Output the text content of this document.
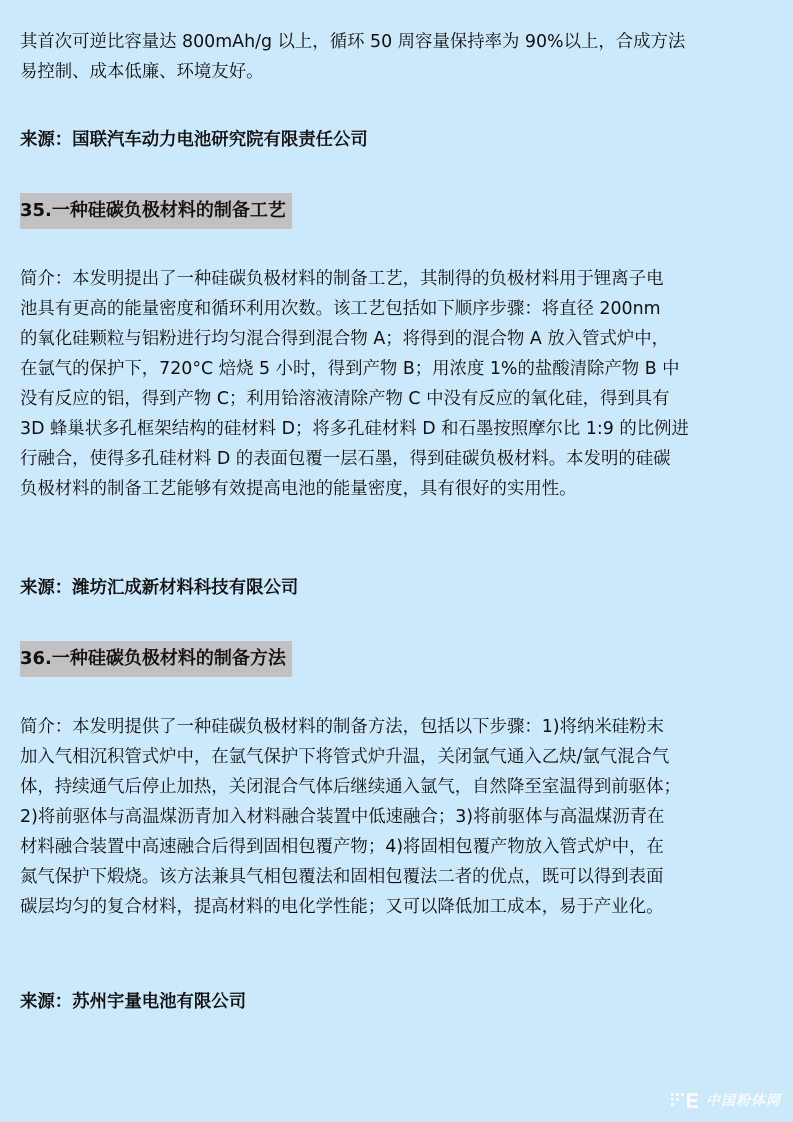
其首次可逆比容量达 800mAh/g 以上，循环 50 周容量保持率为 90%以上，合成方法

易控制、成本低廉、环境友好。

来源：国联汽车动力电池研究院有限责任公司

35.一种硅碳负极材料的制备工艺

简介：本发明提出了一种硅碳负极材料的制备工艺，其制得的负极材料用于锂离子电

池具有更高的能量密度和循环利用次数。该工艺包括如下顺序步骤：将直径 200nm

的氧化硅颗粒与铝粉进行均匀混合得到混合物 A；将得到的混合物 A 放入管式炉中，

在氩气的保护下，720°C 焙烧 5 小时，得到产物 B；用浓度 1%的盐酸清除产物 B 中

没有反应的铝，得到产物 C；利用铪溶液清除产物 C 中没有反应的氧化硅，得到具有

3D 蜂巢状多孔框架结构的硅材料 D；将多孔硅材料 D 和石墨按照摩尔比 1:9 的比例进

行融合，使得多孔硅材料 D 的表面包覆一层石墨，得到硅碳负极材料。本发明的硅碳

负极材料的制备工艺能够有效提高电池的能量密度，具有很好的实用性。

来源：潍坊汇成新材料科技有限公司

36.一种硅碳负极材料的制备方法

简介：本发明提供了一种硅碳负极材料的制备方法，包括以下步骤：1)将纳米硅粉末

加入气相沉积管式炉中，在氩气保护下将管式炉升温，关闭氩气通入乙炔/氩气混合气

体，持续通气后停止加热，关闭混合气体后继续通入氩气，自然降至室温得到前驱体；

2)将前驱体与高温煤沥青加入材料融合装置中低速融合；3)将前驱体与高温煤沥青在

材料融合装置中高速融合后得到固相包覆产物；4)将固相包覆产物放入管式炉中，在

氮气保护下煅烧。该方法兼具气相包覆法和固相包覆法二者的优点，既可以得到表面

碳层均匀的复合材料，提高材料的电化学性能；又可以降低加工成本，易于产业化。

来源：苏州宇量电池有限公司

中国粉体网
